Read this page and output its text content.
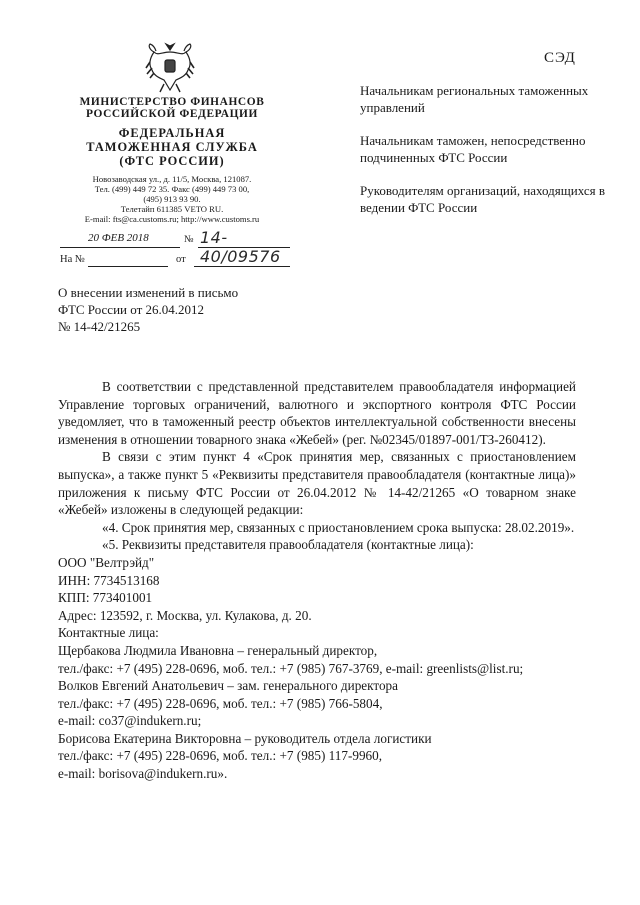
СЭД
МИНИСТЕРСТВО ФИНАНСОВ
РОССИЙСКОЙ ФЕДЕРАЦИИ
ФЕДЕРАЛЬНАЯ
ТАМОЖЕННАЯ СЛУЖБА
(ФТС РОССИИ)
Новозаводская ул., д. 11/5, Москва, 121087.
Тел. (499) 449 72 35. Факс (499) 449 73 00,
(495) 913 93 90.
Телетайп 611385 VETO RU.
E-mail: fts@ca.customs.ru; http://www.customs.ru
20 ФЕВ 2018	№ 14-40/09576
На №	от

Начальникам региональных таможенных управлений

Начальникам таможен, непосредственно подчиненных ФТС России

Руководителям организаций, находящихся в ведении ФТС России

О внесении изменений в письмо
ФТС России от 26.04.2012
№ 14-42/21265

В соответствии с представленной представителем правообладателя информацией Управление торговых ограничений, валютного и экспортного контроля ФТС России уведомляет, что в таможенный реестр объектов интеллектуальной собственности внесены изменения в отношении товарного знака «Жебей» (рег. №02345/01897-001/ТЗ-260412).

В связи с этим пункт 4 «Срок принятия мер, связанных с приостановлением выпуска», а также пункт 5 «Реквизиты представителя правообладателя (контактные лица)» приложения к письму ФТС России от 26.04.2012 № 14-42/21265 «О товарном знаке «Жебей» изложены в следующей редакции:

«4. Срок принятия мер, связанных с приостановлением срока выпуска: 28.02.2019».

«5. Реквизиты представителя правообладателя (контактные лица):

ООО "Велтрэйд"
ИНН: 7734513168
КПП: 773401001
Адрес: 123592, г. Москва, ул. Кулакова, д. 20.
Контактные лица:
Щербакова Людмила Ивановна – генеральный директор,
тел./факс: +7 (495) 228-0696, моб. тел.: +7 (985) 767-3769, e-mail: greenlists@list.ru;
Волков Евгений Анатольевич – зам. генерального директора
тел./факс: +7 (495) 228-0696, моб. тел.: +7 (985) 766-5804,
e-mail: co37@indukern.ru;
Борисова Екатерина Викторовна – руководитель отдела логистики
тел./факс: +7 (495) 228-0696, моб. тел.: +7 (985) 117-9960,
e-mail: borisova@indukern.ru».
